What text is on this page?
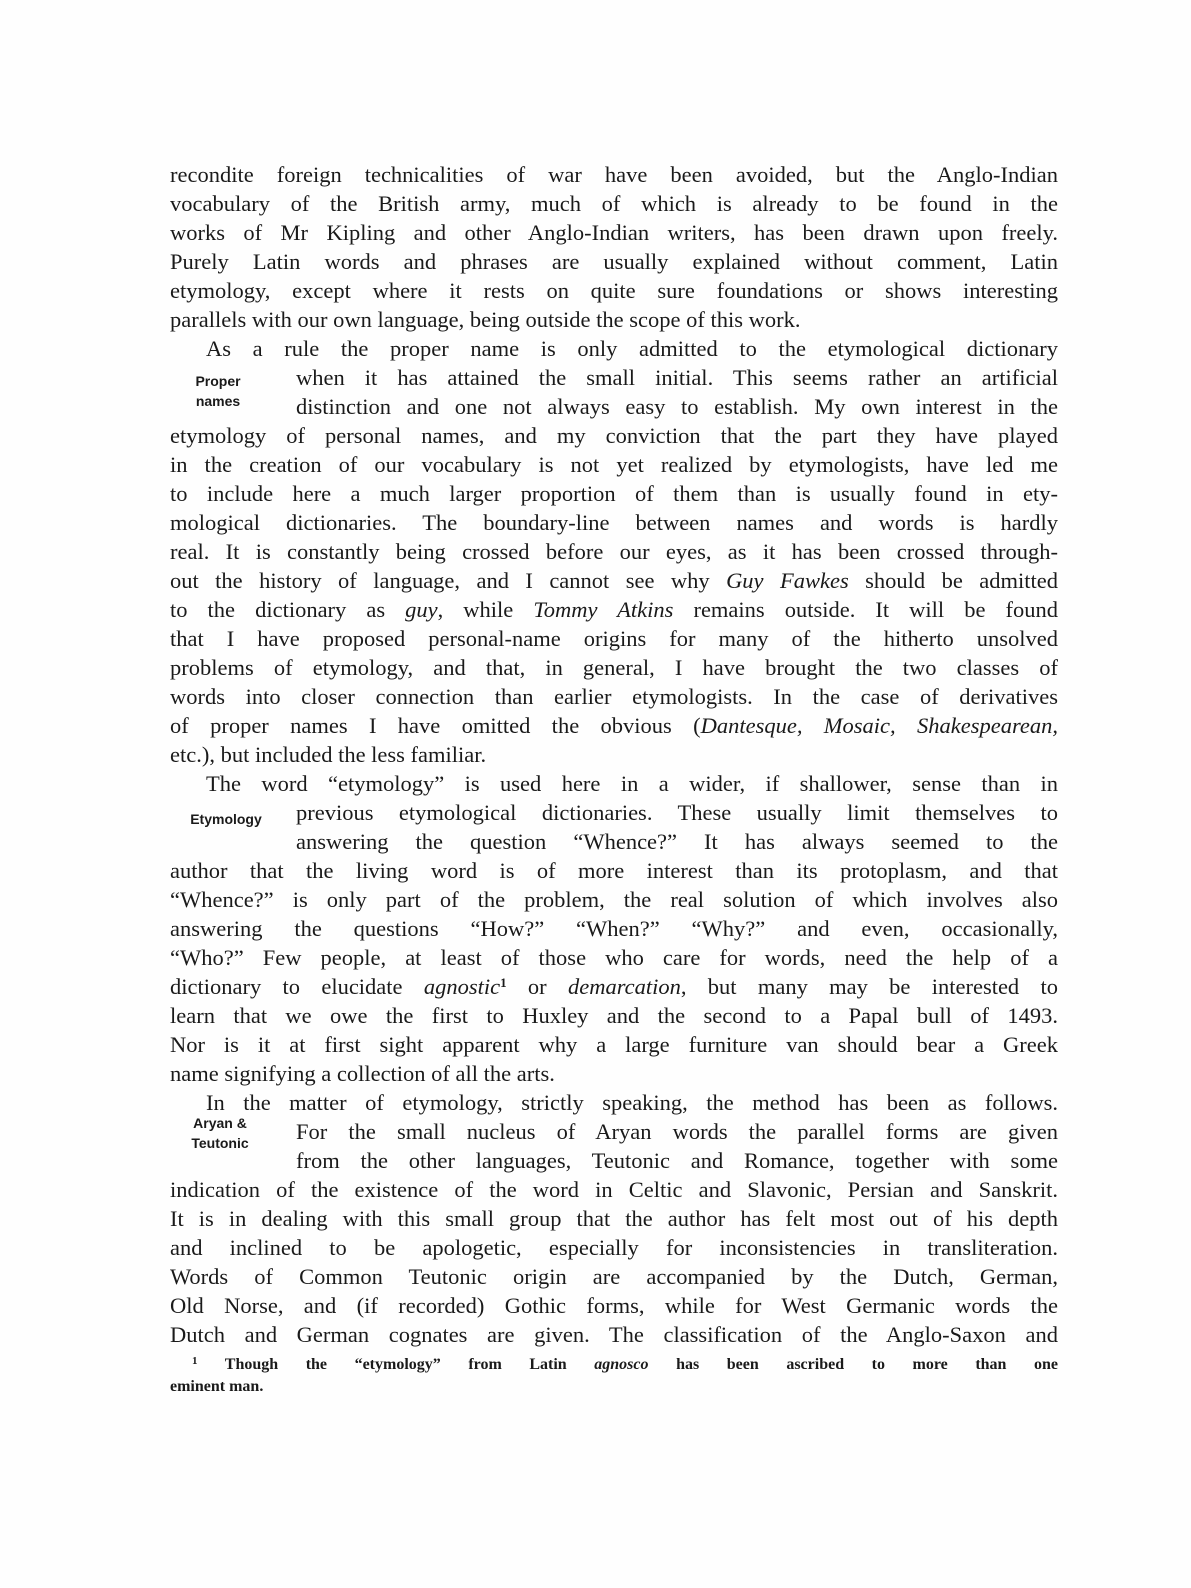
recondite foreign technicalities of war have been avoided, but the Anglo-Indian
vocabulary of the British army, much of which is already to be found in the
works of Mr Kipling and other Anglo-Indian writers, has been drawn upon freely.
Purely Latin words and phrases are usually explained without comment, Latin
etymology, except where it rests on quite sure foundations or shows interesting
parallels with our own language, being outside the scope of this work.
As a rule the proper name is only admitted to the etymological dictionary
when it has attained the small initial. This seems rather an artificial
distinction and one not always easy to establish. My own interest in the
etymology of personal names, and my conviction that the part they have played
in the creation of our vocabulary is not yet realized by etymologists, have led me
to include here a much larger proportion of them than is usually found in ety-
mological dictionaries. The boundary-line between names and words is hardly
real. It is constantly being crossed before our eyes, as it has been crossed through-
out the history of language, and I cannot see why Guy Fawkes should be admitted
to the dictionary as guy, while Tommy Atkins remains outside. It will be found
that I have proposed personal-name origins for many of the hitherto unsolved
problems of etymology, and that, in general, I have brought the two classes of
words into closer connection than earlier etymologists. In the case of derivatives
of proper names I have omitted the obvious (Dantesque, Mosaic, Shakespearean,
etc.), but included the less familiar.
The word “etymology” is used here in a wider, if shallower, sense than in
previous etymological dictionaries. These usually limit themselves to
answering the question “Whence?” It has always seemed to the
author that the living word is of more interest than its protoplasm, and that
“Whence?” is only part of the problem, the real solution of which involves also
answering the questions “How?” “When?” “Why?” and even, occasionally,
“Who?” Few people, at least of those who care for words, need the help of a
dictionary to elucidate agnostic$^1$ or demarcation, but many may be interested to
learn that we owe the first to Huxley and the second to a Papal bull of 1493.
Nor is it at first sight apparent why a large furniture van should bear a Greek
name signifying a collection of all the arts.
In the matter of etymology, strictly speaking, the method has been as follows.
For the small nucleus of Aryan words the parallel forms are given
from the other languages, Teutonic and Romance, together with some
indication of the existence of the word in Celtic and Slavonic, Persian and Sanskrit.
It is in dealing with this small group that the author has felt most out of his depth
and inclined to be apologetic, especially for inconsistencies in transliteration.
Words of Common Teutonic origin are accompanied by the Dutch, German,
Old Norse, and (if recorded) Gothic forms, while for West Germanic words the
Dutch and German cognates are given. The classification of the Anglo-Saxon and
Proper
names
Etymology
Aryan &
Teutonic
$^1$ Though the “etymology” from Latin agnosco has been ascribed to more than one
eminent man.
